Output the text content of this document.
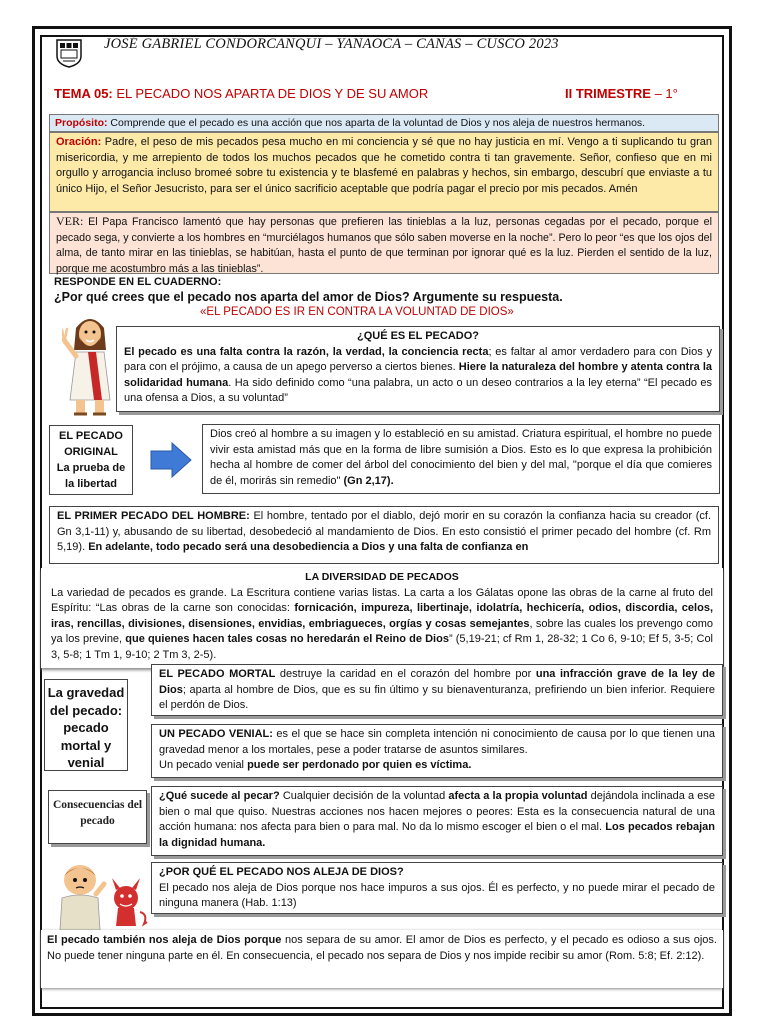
JOSÉ GABRIEL CONDORCANQUI – YANAOCA – CANAS – CUSCO 2023
TEMA 05: EL PECADO NOS APARTA DE DIOS Y DE SU AMOR	II TRIMESTRE – 1°
Propósito: Comprende que el pecado es una acción que nos aparta de la voluntad de Dios y nos aleja de nuestros hermanos.
Oración: Padre, el peso de mis pecados pesa mucho en mi conciencia y sé que no hay justicia en mí. Vengo a ti suplicando tu gran misericordia, y me arrepiento de todos los muchos pecados que he cometido contra ti tan gravemente. Señor, confieso que en mi orgullo y arrogancia incluso bromeé sobre tu existencia y te blasfemé en palabras y hechos, sin embargo, descubrí que enviaste a tu único Hijo, el Señor Jesucristo, para ser el único sacrificio aceptable que podría pagar el precio por mis pecados. Amén
VER: El Papa Francisco lamentó que hay personas que prefieren las tinieblas a la luz, personas cegadas por el pecado, porque el pecado sega, y convierte a los hombres en “murciélagos humanos que sólo saben moverse en la noche”. Pero lo peor “es que los ojos del alma, de tanto mirar en las tinieblas, se habitúan, hasta el punto de que terminan por ignorar qué es la luz. Pierden el sentido de la luz, porque me acostumbro más a las tinieblas”.
RESPONDE EN EL CUADERNO:
¿Por qué crees que el pecado nos aparta del amor de Dios? Argumente su respuesta.
«EL PECADO ES IR EN CONTRA LA VOLUNTAD DE DIOS»
¿QUÉ ES EL PECADO?
El pecado es una falta contra la razón, la verdad, la conciencia recta; es faltar al amor verdadero para con Dios y para con el prójimo, a causa de un apego perverso a ciertos bienes. Hiere la naturaleza del hombre y atenta contra la solidaridad humana. Ha sido definido como “una palabra, un acto o un deseo contrarios a la ley eterna” “El pecado es una ofensa a Dios, a su voluntad”
EL PECADO ORIGINAL
La prueba de la libertad
Dios creó al hombre a su imagen y lo estableció en su amistad. Criatura espiritual, el hombre no puede vivir esta amistad más que en la forma de libre sumisión a Dios. Esto es lo que expresa la prohibición hecha al hombre de comer del árbol del conocimiento del bien y del mal, "porque el día que comieres de él, morirás sin remedio" (Gn 2,17).
EL PRIMER PECADO DEL HOMBRE: El hombre, tentado por el diablo, dejó morir en su corazón la confianza hacia su creador (cf. Gn 3,1-11) y, abusando de su libertad, desobedeció al mandamiento de Dios. En esto consistió el primer pecado del hombre (cf. Rm 5,19). En adelante, todo pecado será una desobediencia a Dios y una falta de confianza en
LA DIVERSIDAD DE PECADOS
La variedad de pecados es grande. La Escritura contiene varias listas. La carta a los Gálatas opone las obras de la carne al fruto del Espíritu: “Las obras de la carne son conocidas: fornicación, impureza, libertinaje, idolatría, hechicería, odios, discordia, celos, iras, rencillas, divisiones, disensiones, envidias, embriagueces, orgías y cosas semejantes, sobre las cuales los prevengo como ya los previne, que quienes hacen tales cosas no heredarán el Reino de Dios” (5,19-21; cf Rm 1, 28-32; 1 Co 6, 9-10; Ef 5, 3-5; Col 3, 5-8; 1 Tm 1, 9-10; 2 Tm 3, 2-5).
La gravedad del pecado: pecado mortal y venial
EL PECADO MORTAL destruye la caridad en el corazón del hombre por una infracción grave de la ley de Dios; aparta al hombre de Dios, que es su fin último y su bienaventuranza, prefiriendo un bien inferior. Requiere el perdón de Dios.
UN PECADO VENIAL: es el que se hace sin completa intención ni conocimiento de causa por lo que tienen una gravedad menor a los mortales, pese a poder tratarse de asuntos similares.
Un pecado venial puede ser perdonado por quien es víctima.
Consecuencias del pecado
¿Qué sucede al pecar? Cualquier decisión de la voluntad afecta a la propia voluntad dejándola inclinada a ese bien o mal que quiso. Nuestras acciones nos hacen mejores o peores: Esta es la consecuencia natural de una acción humana: nos afecta para bien o para mal. No da lo mismo escoger el bien o el mal. Los pecados rebajan la dignidad humana.
¿POR QUÉ EL PECADO NOS ALEJA DE DIOS?
El pecado nos aleja de Dios porque nos hace impuros a sus ojos. Él es perfecto, y no puede mirar el pecado de ninguna manera (Hab. 1:13)
El pecado también nos aleja de Dios porque nos separa de su amor. El amor de Dios es perfecto, y el pecado es odioso a sus ojos. No puede tener ninguna parte en él. En consecuencia, el pecado nos separa de Dios y nos impide recibir su amor (Rom. 5:8; Ef. 2:12).
